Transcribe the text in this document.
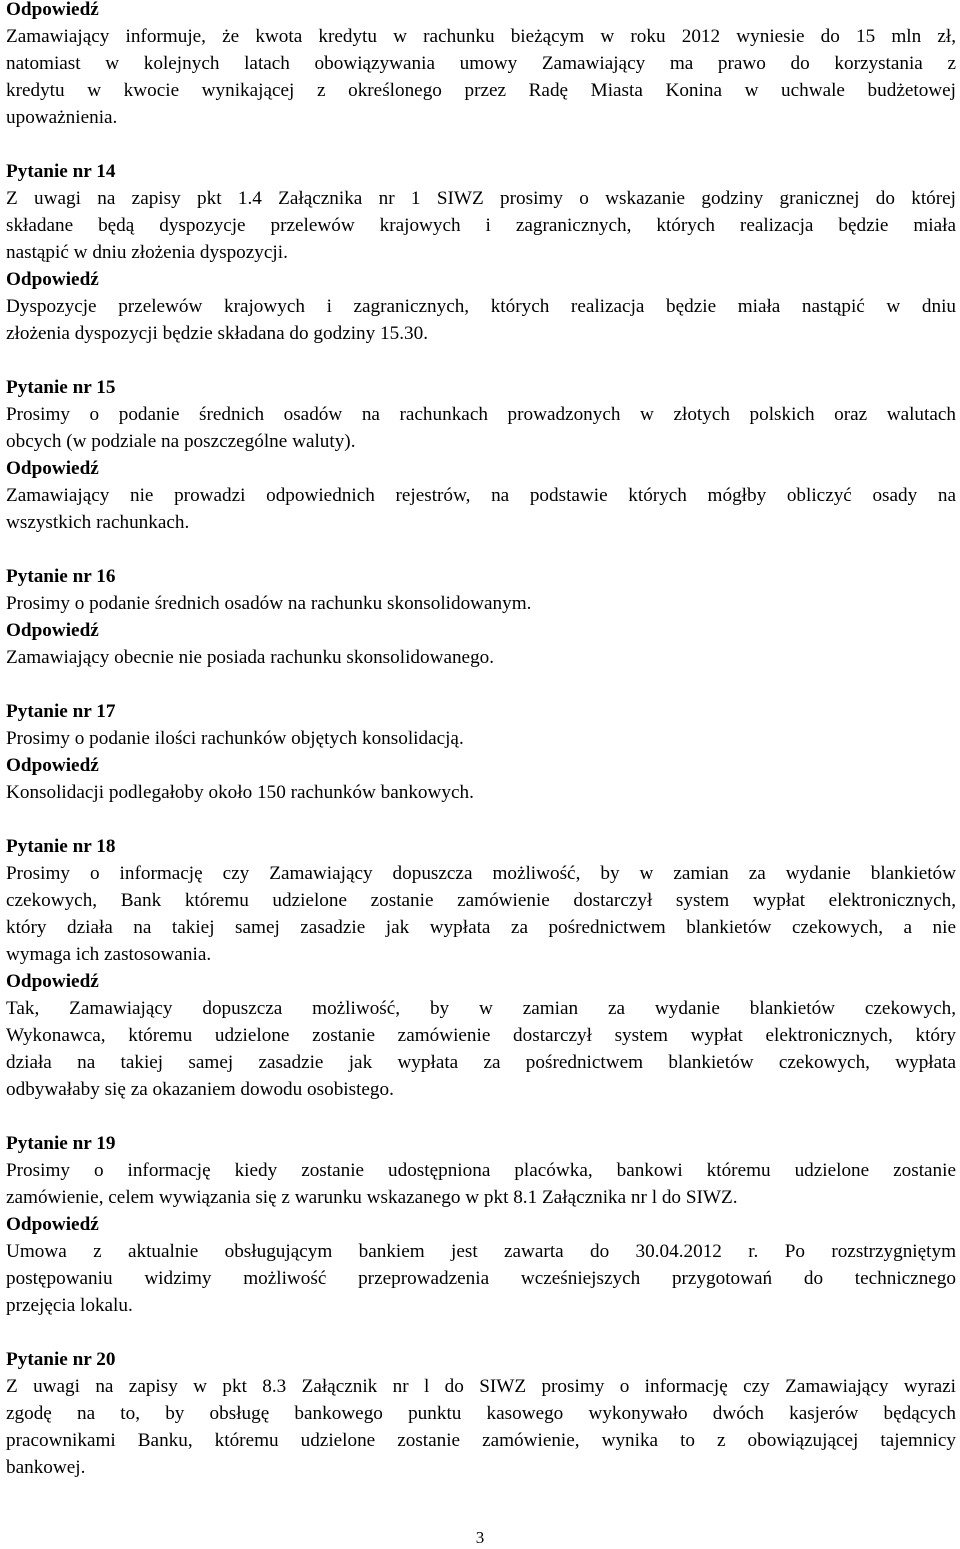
Odpowiedź
Zamawiający informuje, że kwota kredytu w rachunku bieżącym w roku 2012 wyniesie do 15 mln zł,
natomiast w kolejnych latach obowiązywania umowy Zamawiający ma prawo do korzystania z
kredytu w kwocie wynikającej z określonego przez Radę Miasta Konina w uchwale budżetowej
upoważnienia.
Pytanie nr 14
Z uwagi na zapisy pkt 1.4 Załącznika nr 1 SIWZ prosimy o wskazanie godziny granicznej do której
składane będą dyspozycje przelewów krajowych i zagranicznych, których realizacja będzie miała
nastąpić w dniu złożenia dyspozycji.
Odpowiedź
Dyspozycje przelewów krajowych i zagranicznych, których realizacja będzie miała nastąpić w dniu
złożenia dyspozycji będzie składana do godziny 15.30.
Pytanie nr 15
Prosimy o podanie średnich osadów na rachunkach prowadzonych w złotych polskich oraz walutach
obcych (w podziale na poszczególne waluty).
Odpowiedź
Zamawiający nie prowadzi odpowiednich rejestrów, na podstawie których mógłby obliczyć osady na
wszystkich rachunkach.
Pytanie nr 16
Prosimy o podanie średnich osadów na rachunku skonsolidowanym.
Odpowiedź
Zamawiający obecnie nie posiada rachunku skonsolidowanego.
Pytanie nr 17
Prosimy o podanie ilości rachunków objętych konsolidacją.
Odpowiedź
Konsolidacji podlegałoby około 150 rachunków bankowych.
Pytanie nr 18
Prosimy o informację czy Zamawiający dopuszcza możliwość, by w zamian za wydanie blankietów
czekowych, Bank któremu udzielone zostanie zamówienie dostarczył system wypłat elektronicznych,
który działa na takiej samej zasadzie jak wypłata za pośrednictwem blankietów czekowych, a nie
wymaga ich zastosowania.
Odpowiedź
Tak, Zamawiający dopuszcza możliwość, by w zamian za wydanie blankietów czekowych,
Wykonawca, któremu udzielone zostanie zamówienie dostarczył system wypłat elektronicznych, który
działa na takiej samej zasadzie jak wypłata za pośrednictwem blankietów czekowych, wypłata
odbywałaby się za okazaniem dowodu osobistego.
Pytanie nr 19
Prosimy o informację kiedy zostanie udostępniona placówka, bankowi któremu udzielone zostanie
zamówienie, celem wywiązania się z warunku wskazanego w pkt 8.1 Załącznika nr l do SIWZ.
Odpowiedź
Umowa z aktualnie obsługującym bankiem jest zawarta do 30.04.2012 r. Po rozstrzygniętym
postępowaniu widzimy możliwość przeprowadzenia wcześniejszych przygotowań do technicznego
przejęcia lokalu.
Pytanie nr 20
Z uwagi na zapisy w pkt 8.3 Załącznik nr l do SIWZ prosimy o informację czy Zamawiający wyrazi
zgodę na to, by obsługę bankowego punktu kasowego wykonywało dwóch kasjerów będących
pracownikami Banku, któremu udzielone zostanie zamówienie, wynika to z obowiązującej tajemnicy
bankowej.
3
